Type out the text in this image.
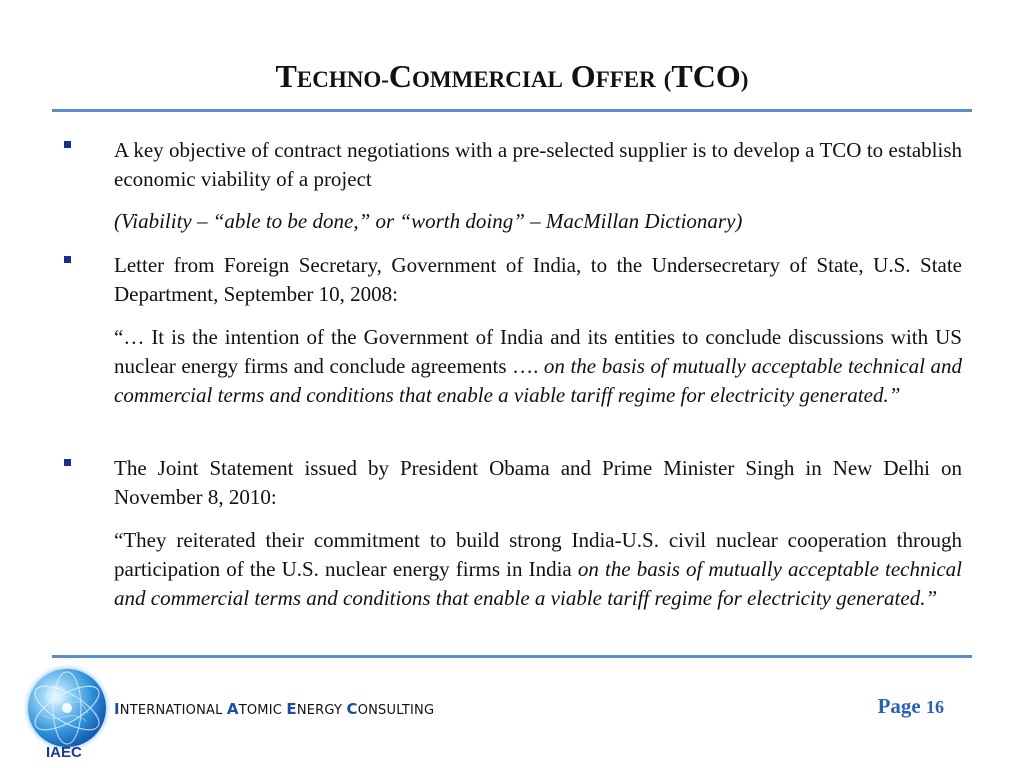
TECHNO-COMMERCIAL OFFER (TCO)
A key objective of contract negotiations with a pre-selected supplier is to develop a TCO to establish economic viability of a project
(Viability – “able to be done,” or “worth doing” – MacMillan Dictionary)
Letter from Foreign Secretary, Government of India, to the Undersecretary of State, U.S. State Department, September 10, 2008:
“… It is the intention of the Government of India and its entities to conclude discussions with US nuclear energy firms and conclude agreements …. on the basis of mutually acceptable technical and commercial terms and conditions that enable a viable tariff regime for electricity generated.”
The Joint Statement issued by President Obama and Prime Minister Singh in New Delhi on November 8, 2010:
“They reiterated their commitment to build strong India-U.S. civil nuclear cooperation through participation of the U.S. nuclear energy firms in India on the basis of mutually acceptable technical and commercial terms and conditions that enable a viable tariff regime for electricity generated.”
IAEC
INTERNATIONAL ATOMIC ENERGY CONSULTING	Page 16
